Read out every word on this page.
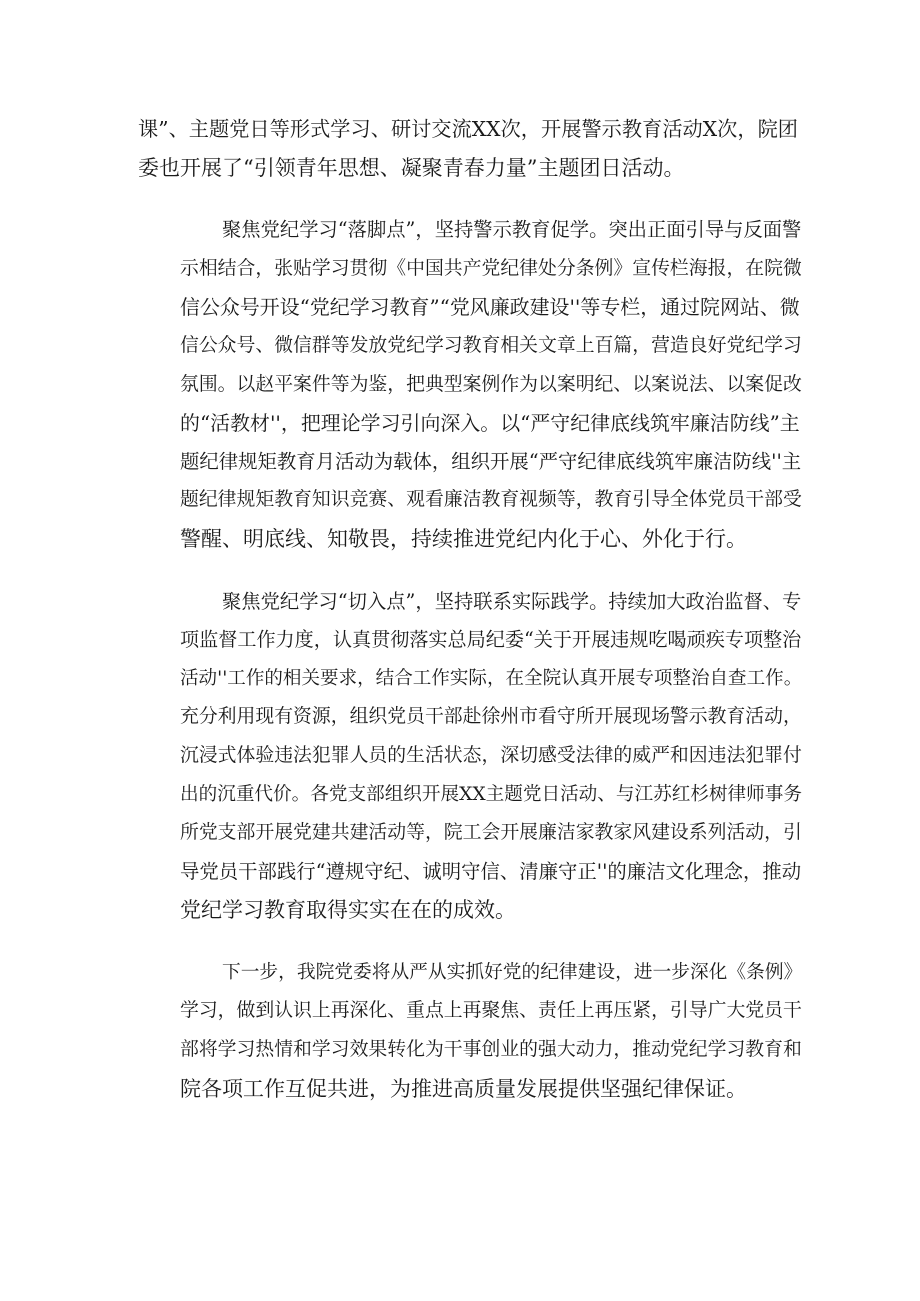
课”、主题党日等形式学习、研讨交流XX次，开展警示教育活动X次，院团
委也开展了“引领青年思想、凝聚青春力量”主题团日活动。
聚焦党纪学习“落脚点”，坚持警示教育促学。突出正面引导与反面警
示相结合，张贴学习贯彻《中国共产党纪律处分条例》宣传栏海报，在院微
信公众号开设“党纪学习教育”“党风廉政建设''等专栏，通过院网站、微
信公众号、微信群等发放党纪学习教育相关文章上百篇，营造良好党纪学习
氛围。以赵平案件等为鉴，把典型案例作为以案明纪、以案说法、以案促改
的“活教材''，把理论学习引向深入。以“严守纪律底线筑牢廉洁防线”主
题纪律规矩教育月活动为载体，组织开展“严守纪律底线筑牢廉洁防线''主
题纪律规矩教育知识竞赛、观看廉洁教育视频等，教育引导全体党员干部受
警醒、明底线、知敬畏，持续推进党纪内化于心、外化于行。
聚焦党纪学习“切入点”，坚持联系实际践学。持续加大政治监督、专
项监督工作力度，认真贯彻落实总局纪委“关于开展违规吃喝顽疾专项整治
活动''工作的相关要求，结合工作实际，在全院认真开展专项整治自查工作。
充分利用现有资源，组织党员干部赴徐州市看守所开展现场警示教育活动，
沉浸式体验违法犯罪人员的生活状态，深切感受法律的威严和因违法犯罪付
出的沉重代价。各党支部组织开展XX主题党日活动、与江苏红杉树律师事务
所党支部开展党建共建活动等，院工会开展廉洁家教家风建设系列活动，引
导党员干部践行“遵规守纪、诚明守信、清廉守正''的廉洁文化理念，推动
党纪学习教育取得实实在在的成效。
下一步，我院党委将从严从实抓好党的纪律建设，进一步深化《条例》
学习，做到认识上再深化、重点上再聚焦、责任上再压紧，引导广大党员干
部将学习热情和学习效果转化为干事创业的强大动力，推动党纪学习教育和
院各项工作互促共进，为推进高质量发展提供坚强纪律保证。
